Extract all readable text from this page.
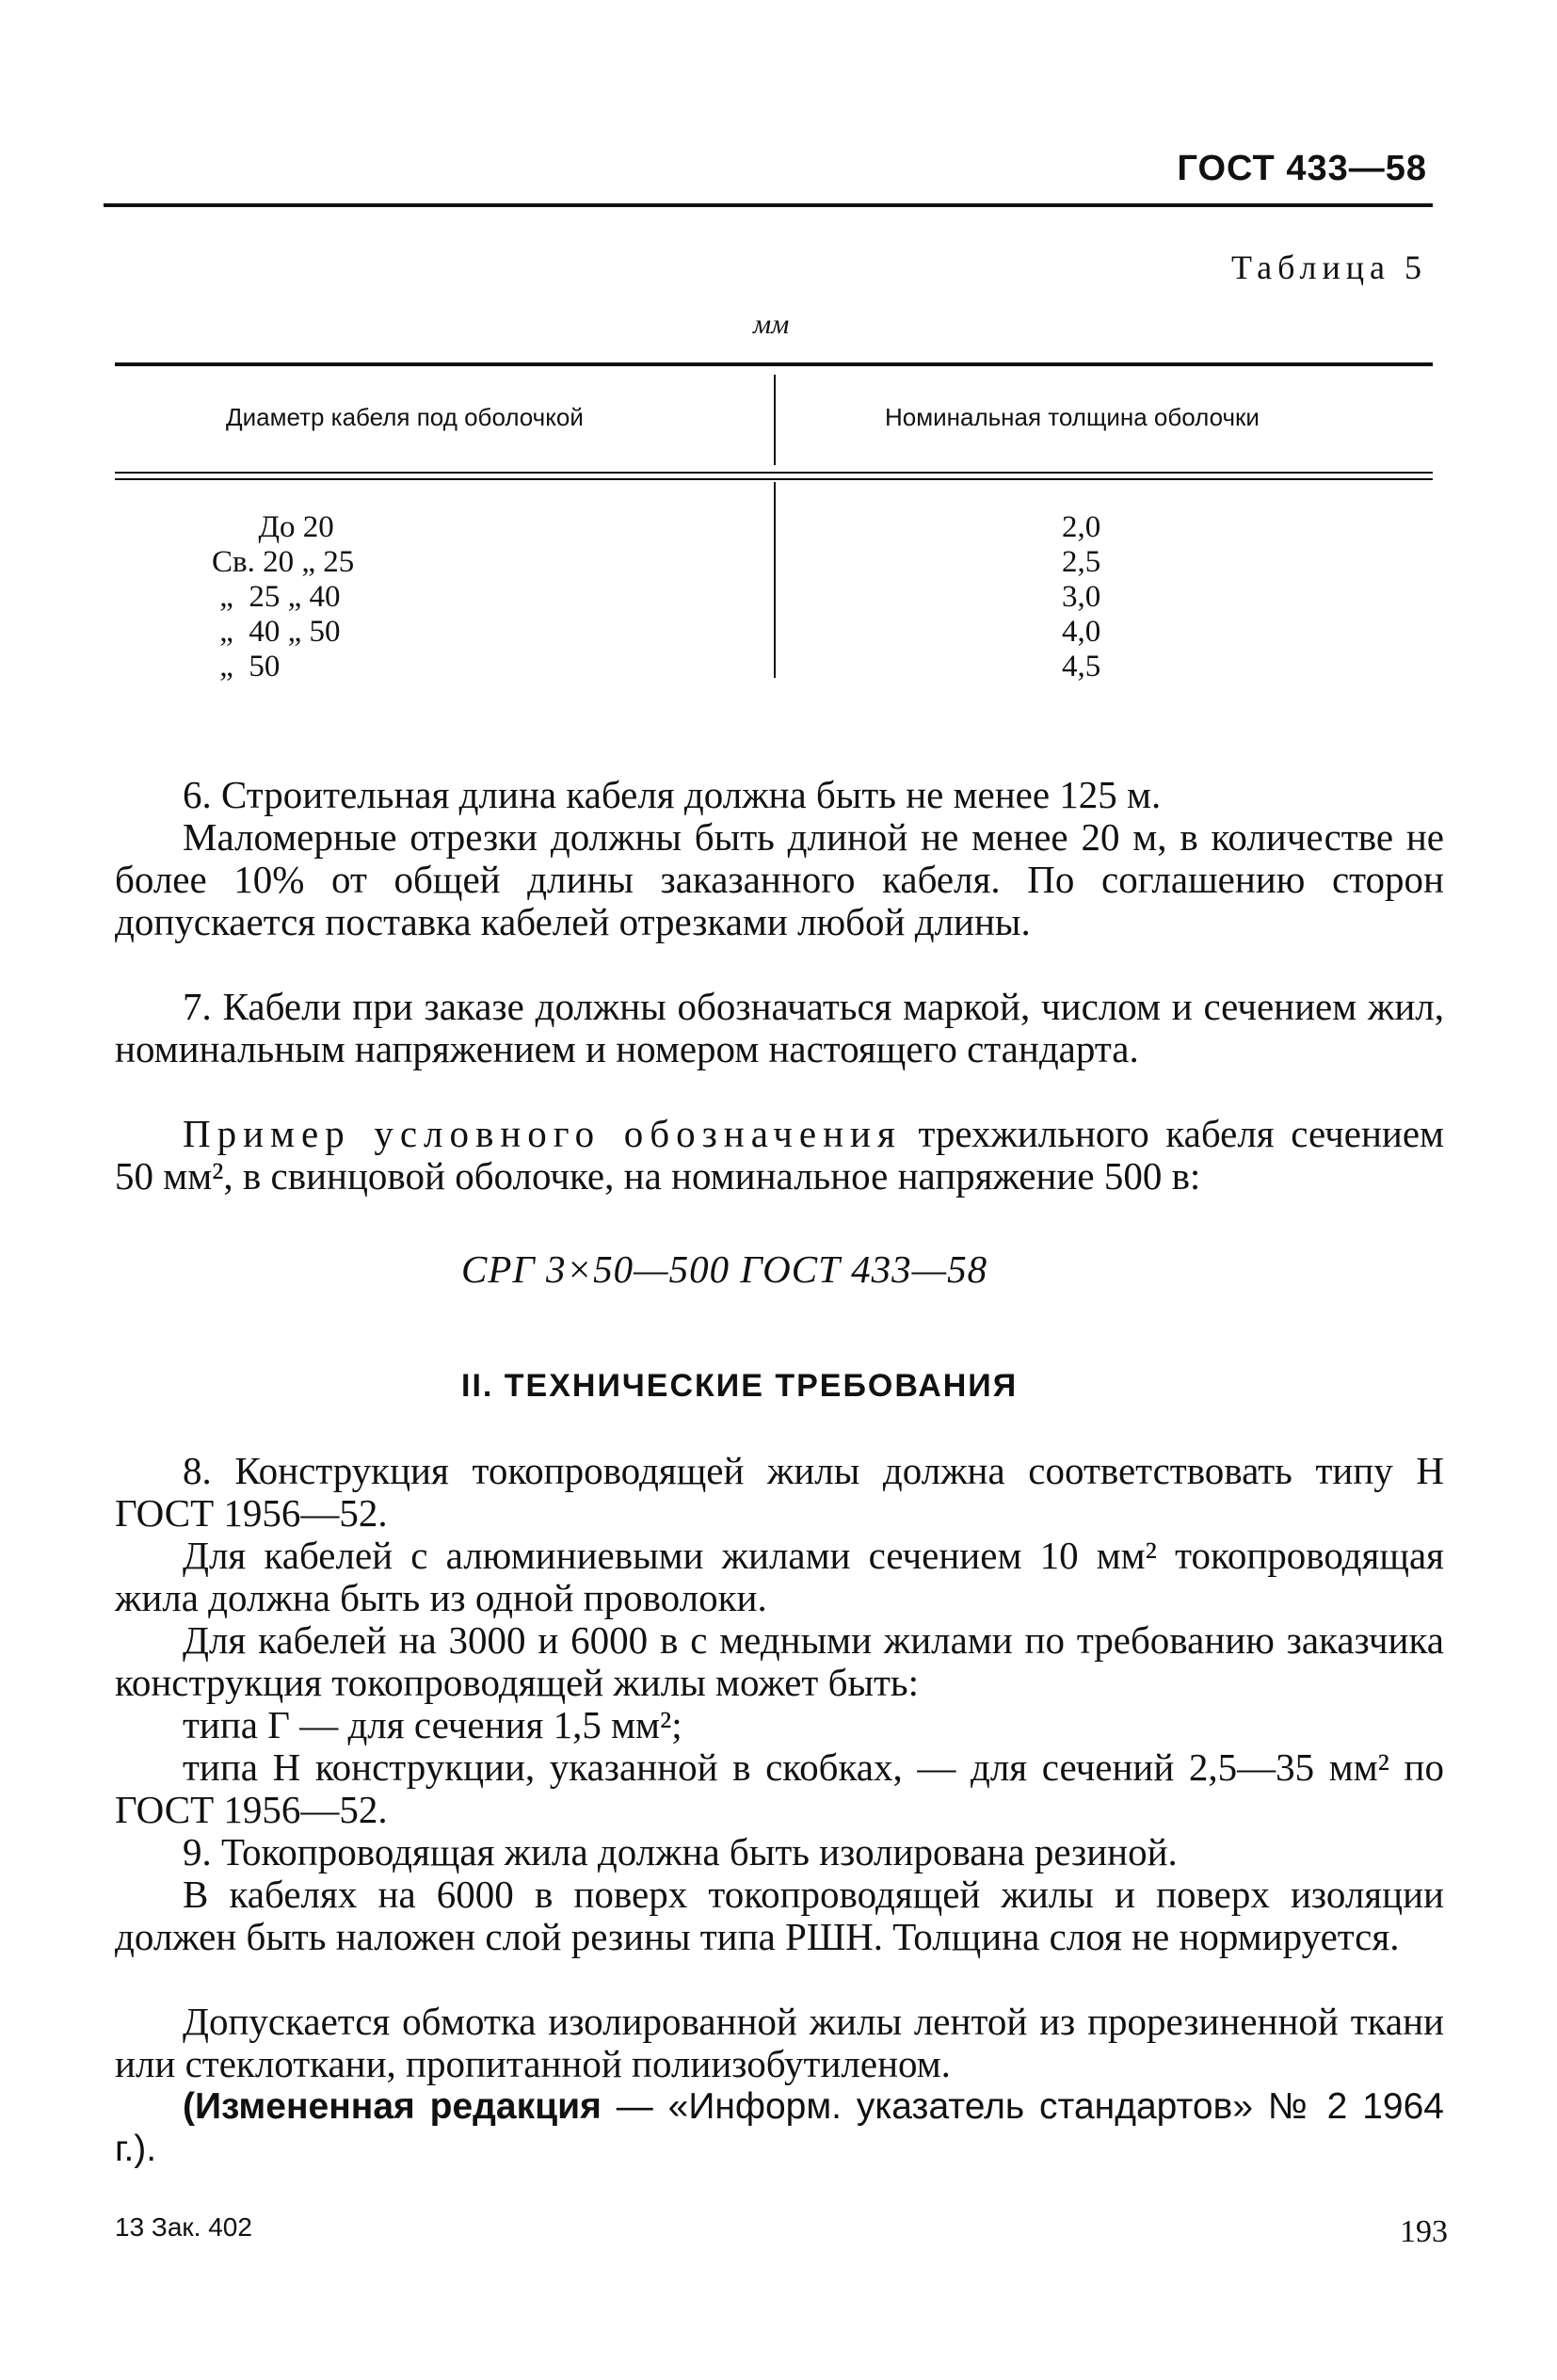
ГОСТ 433—58
Таблица 5
мм
Диаметр кабеля под оболочкой	Номинальная толщина оболочки
До 20
Св. 20 „ 25
„  25 „ 40
„  40 „ 50
„  50
2,0
2,5
3,0
4,0
4,5

6. Строительная длина кабеля должна быть не менее 125 м.

Маломерные отрезки должны быть длиной не менее 20 м, в количестве не более 10% от общей длины заказанного кабеля. По соглашению сторон допускается поставка кабелей отрезками любой длины.

7. Кабели при заказе должны обозначаться маркой, числом и сечением жил, номинальным напряжением и номером настоящего стандарта.

Пример условного обозначения трехжильного кабеля сечением 50 мм², в свинцовой оболочке, на номинальное напряжение 500 в:

СРГ 3×50—500 ГОСТ 433—58
II. ТЕХНИЧЕСКИЕ ТРЕБОВАНИЯ

8. Конструкция токопроводящей жилы должна соответствовать типу Н ГОСТ 1956—52.

Для кабелей с алюминиевыми жилами сечением 10 мм² токопроводящая жила должна быть из одной проволоки.

Для кабелей на 3000 и 6000 в с медными жилами по требованию заказчика конструкция токопроводящей жилы может быть:

типа Г — для сечения 1,5 мм²;

типа Н конструкции, указанной в скобках, — для сечений 2,5—35 мм² по ГОСТ 1956—52.

9. Токопроводящая жила должна быть изолирована резиной.

В кабелях на 6000 в поверх токопроводящей жилы и поверх изоляции должен быть наложен слой резины типа РШН. Толщина слоя не нормируется.

Допускается обмотка изолированной жилы лентой из прорезиненной ткани или стеклоткани, пропитанной полиизобутиленом.

(Измененная редакция — «Информ. указатель стандартов» № 2 1964 г.).

13 Зак. 402	193
